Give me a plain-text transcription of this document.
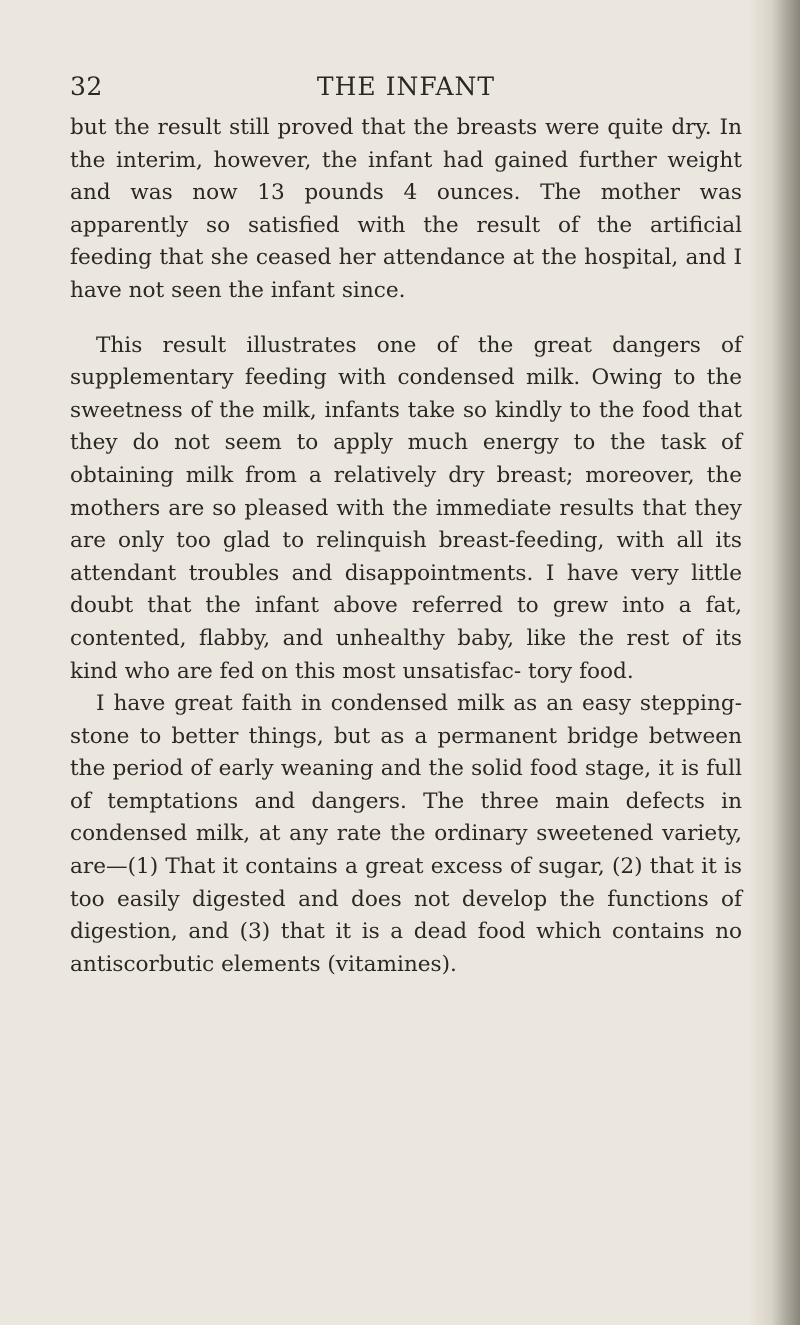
32	THE INFANT

but the result still proved that the breasts were quite dry. In the interim, however, the infant had gained further weight and was now 13 pounds 4 ounces. The mother was apparently so satisfied with the result of the artificial feeding that she ceased her attendance at the hospital, and I have not seen the infant since.

This result illustrates one of the great dangers of supplementary feeding with condensed milk. Owing to the sweetness of the milk, infants take so kindly to the food that they do not seem to apply much energy to the task of obtaining milk from a relatively dry breast; moreover, the mothers are so pleased with the immediate results that they are only too glad to relinquish breast-feeding, with all its attendant troubles and disappointments. I have very little doubt that the infant above referred to grew into a fat, contented, flabby, and unhealthy baby, like the rest of its kind who are fed on this most unsatisfac- tory food.

I have great faith in condensed milk as an easy stepping-stone to better things, but as a permanent bridge between the period of early weaning and the solid food stage, it is full of temptations and dangers. The three main defects in condensed milk, at any rate the ordinary sweetened variety, are—(1) That it contains a great excess of sugar, (2) that it is too easily digested and does not develop the functions of digestion, and (3) that it is a dead food which contains no antiscorbutic elements (vitamines).
